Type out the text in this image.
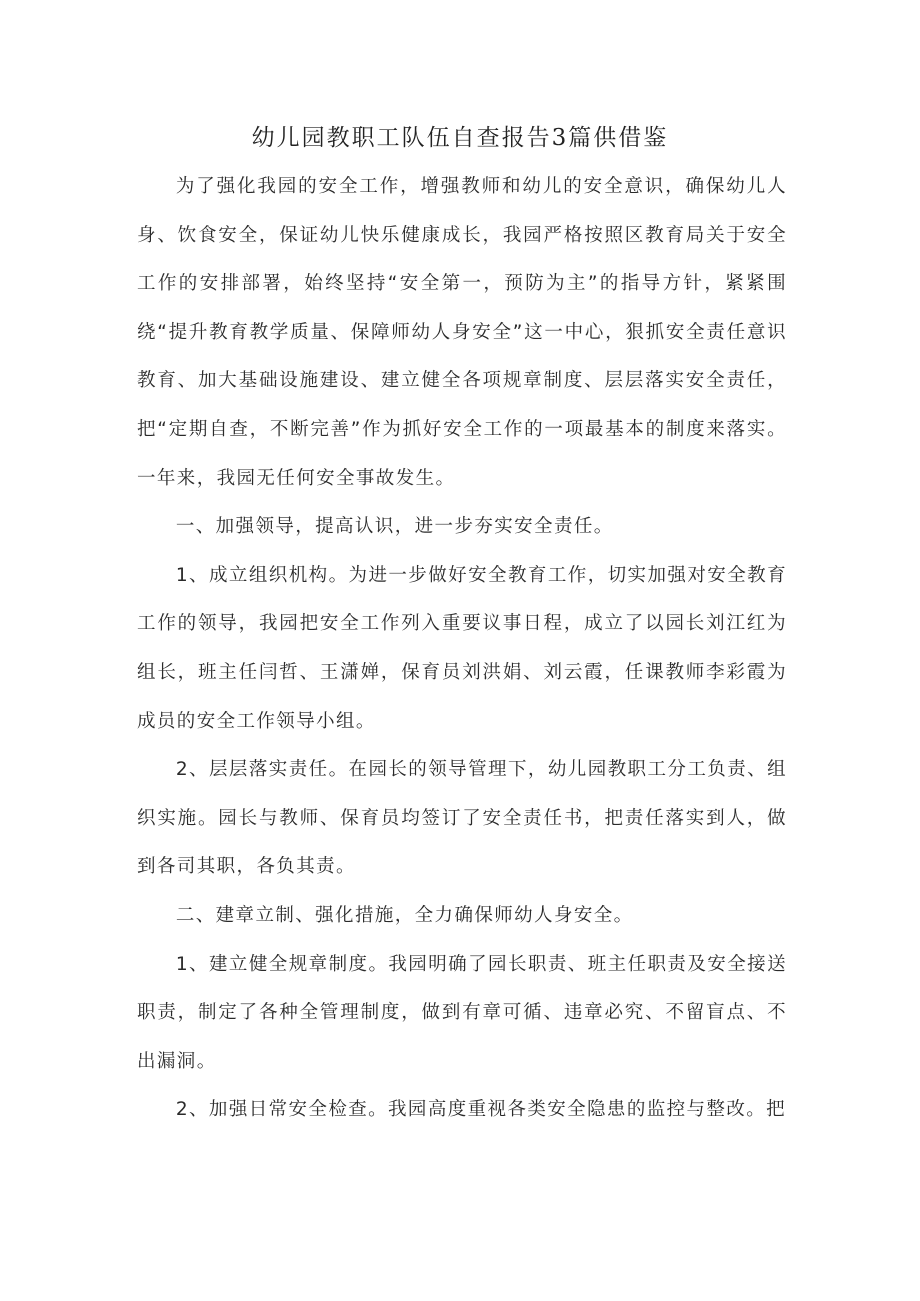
幼儿园教职工队伍自查报告3篇供借鉴

为了强化我园的安全工作，增强教师和幼儿的安全意识，确保幼儿人身、饮食安全，保证幼儿快乐健康成长，我园严格按照区教育局关于安全工作的安排部署，始终坚持“安全第一，预防为主”的指导方针，紧紧围绕“提升教育教学质量、保障师幼人身安全”这一中心，狠抓安全责任意识教育、加大基础设施建设、建立健全各项规章制度、层层落实安全责任，把“定期自查，不断完善”作为抓好安全工作的一项最基本的制度来落实。一年来，我园无任何安全事故发生。

一、加强领导，提高认识，进一步夯实安全责任。

1、成立组织机构。为进一步做好安全教育工作，切实加强对安全教育工作的领导，我园把安全工作列入重要议事日程，成立了以园长刘江红为组长，班主任闫哲、王潇婵，保育员刘洪娟、刘云霞，任课教师李彩霞为成员的安全工作领导小组。

2、层层落实责任。在园长的领导管理下，幼儿园教职工分工负责、组织实施。园长与教师、保育员均签订了安全责任书，把责任落实到人，做到各司其职，各负其责。

二、建章立制、强化措施，全力确保师幼人身安全。

1、建立健全规章制度。我园明确了园长职责、班主任职责及安全接送职责，制定了各种全管理制度，做到有章可循、违章必究、不留盲点、不出漏洞。

2、加强日常安全检查。我园高度重视各类安全隐患的监控与整改。把
